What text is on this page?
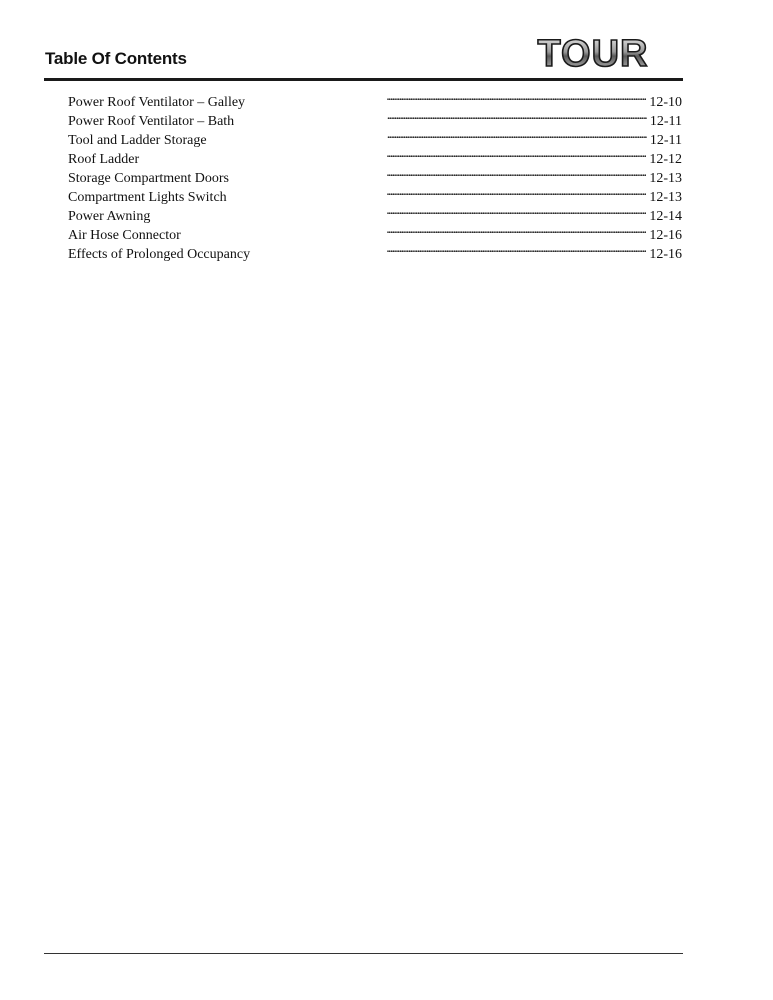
Table Of Contents	TOUR
Power Roof Ventilator – Galley . . .	12-10
Power Roof Ventilator – Bath . . .	12-11
Tool and Ladder Storage . . .	12-11
Roof Ladder . . .	12-12
Storage Compartment Doors . . .	12-13
Compartment Lights Switch . . .	12-13
Power Awning . . .	12-14
Air Hose Connector . . .	12-16
Effects of Prolonged Occupancy . . .	12-16
